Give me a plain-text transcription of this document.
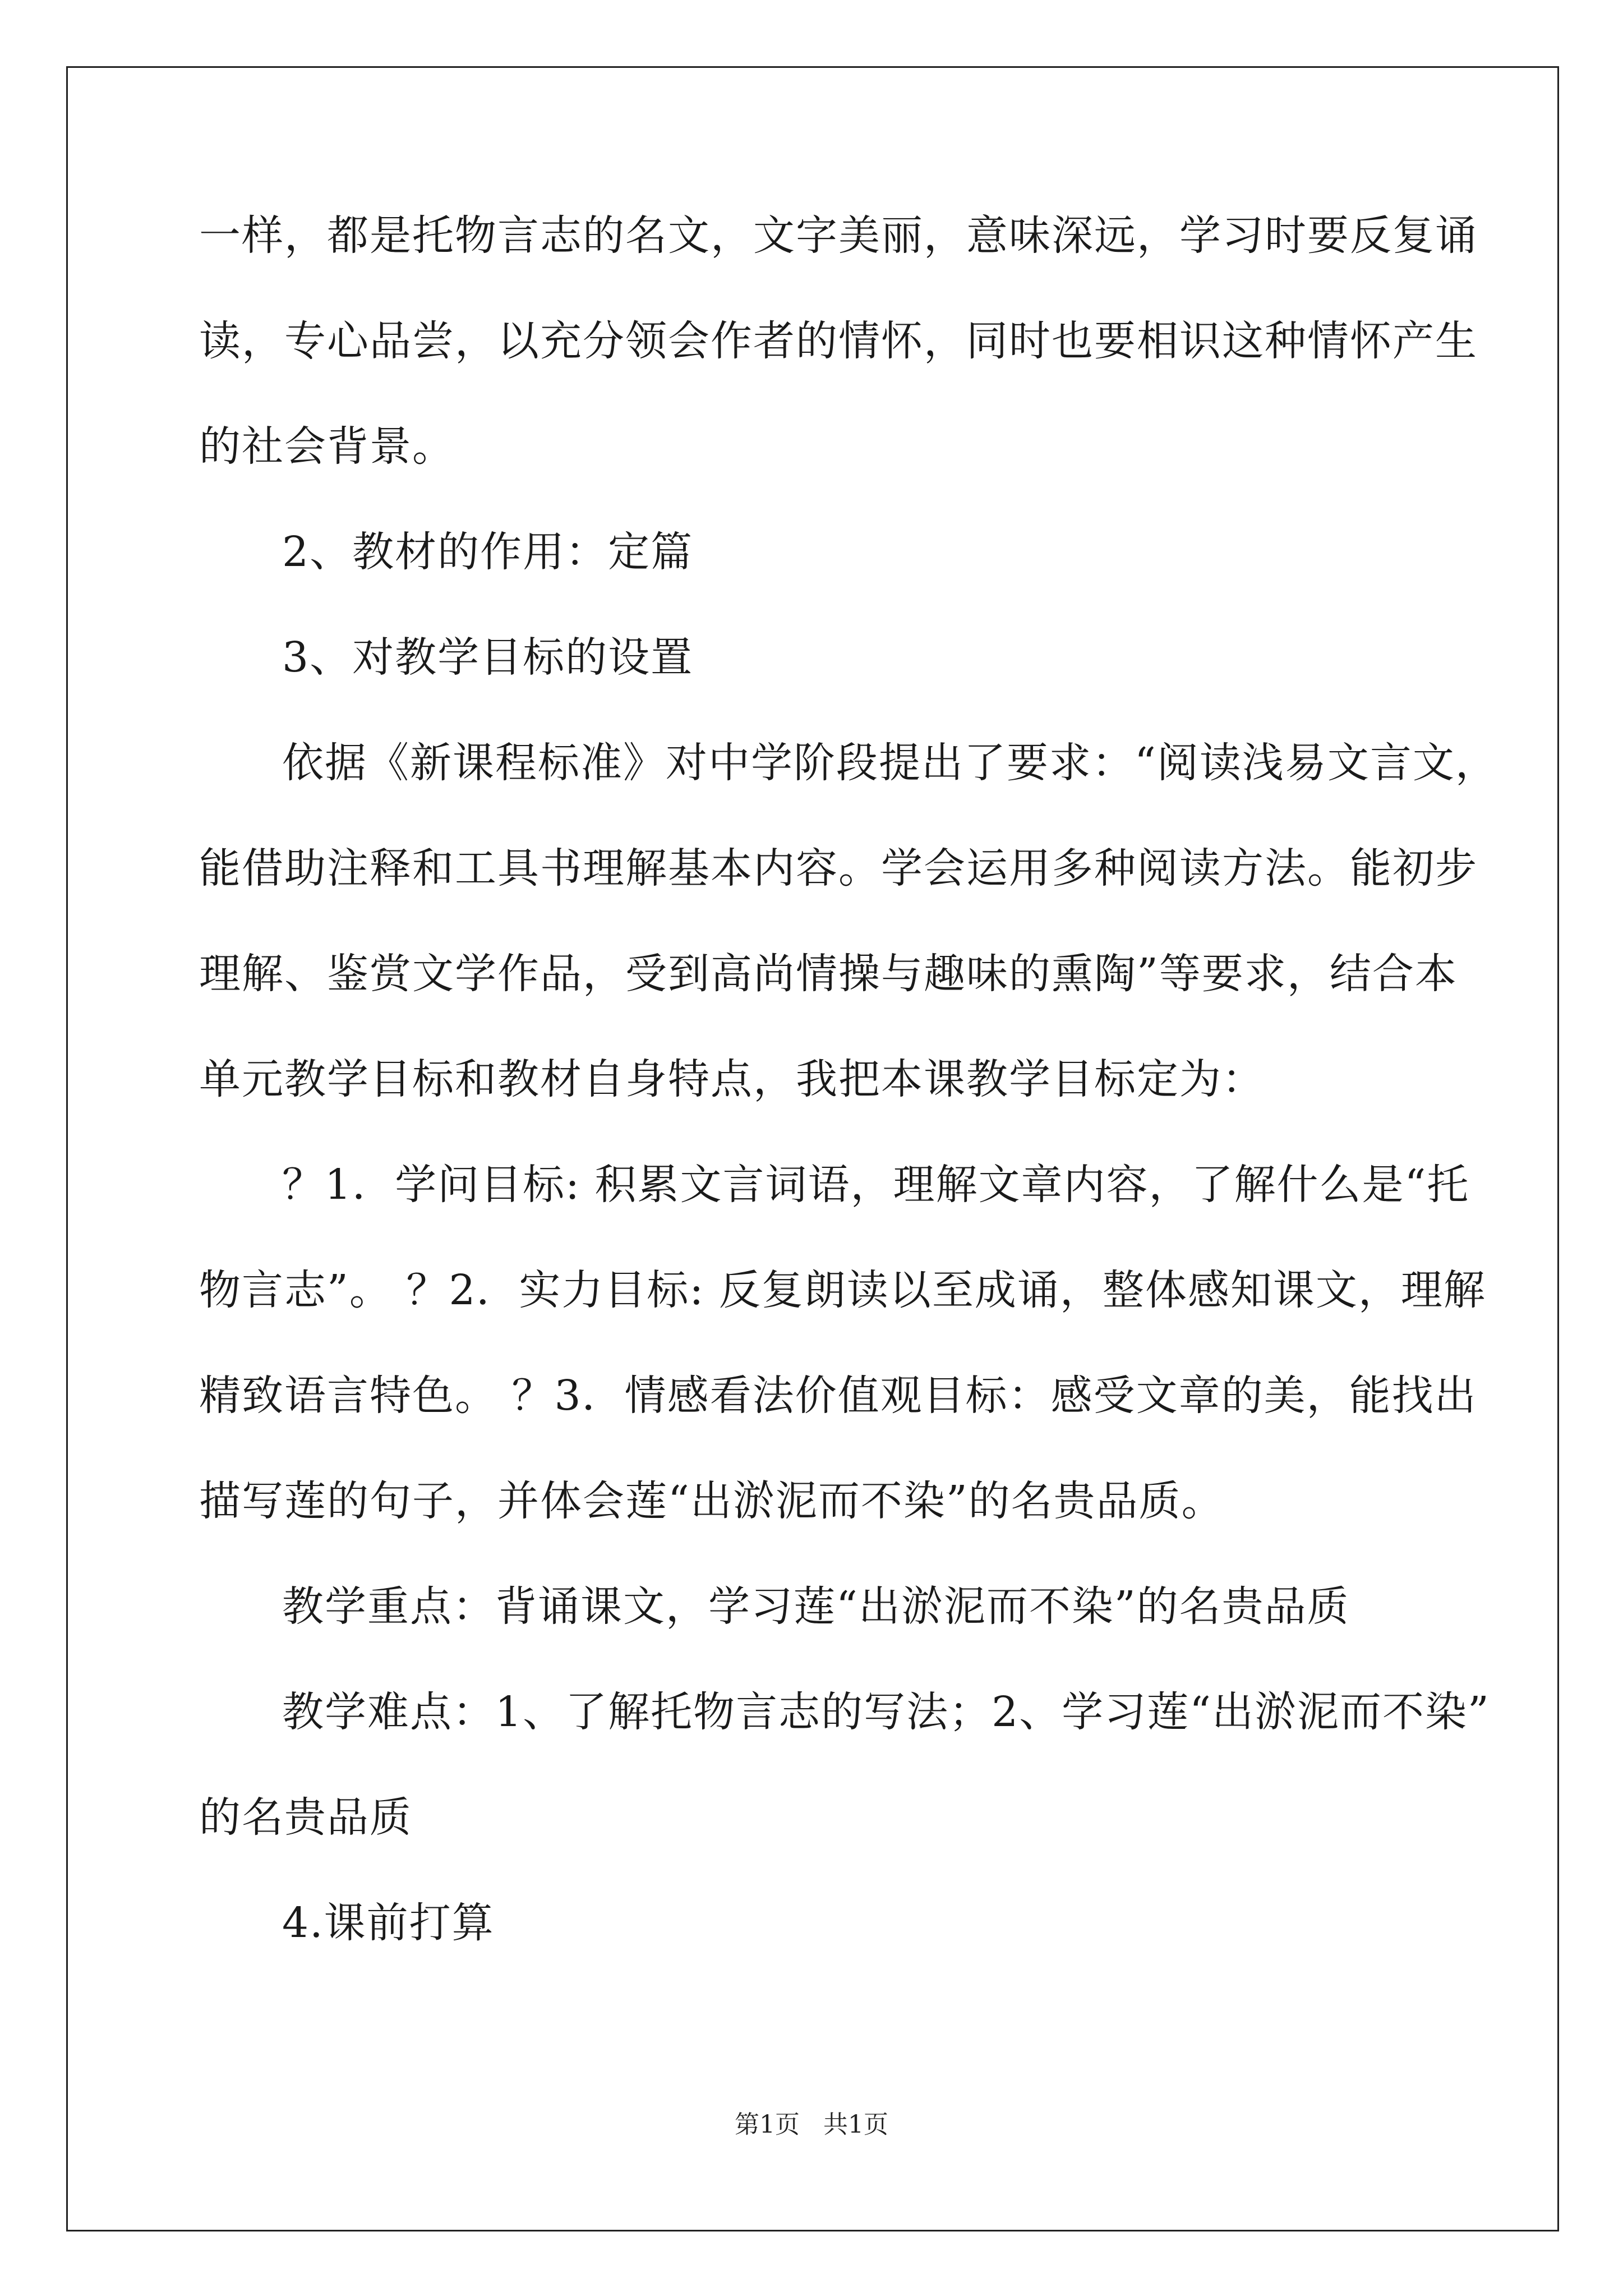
一样，都是托物言志的名文，文字美丽，意味深远，学习时要反复诵
读，专心品尝，以充分领会作者的情怀，同时也要相识这种情怀产生
的社会背景。
2、教材的作用：定篇
3、对教学目标的设置
依据《新课程标准》对中学阶段提出了要求：“阅读浅易文言文，
能借助注释和工具书理解基本内容。学会运用多种阅读方法。能初步
理解、鉴赏文学作品，受到高尚情操与趣味的熏陶”等要求，结合本
单元教学目标和教材自身特点，我把本课教学目标定为：
？1．学问目标: 积累文言词语，理解文章内容，了解什么是“托
物言志”。 ？2．实力目标: 反复朗读以至成诵，整体感知课文，理解
精致语言特色。 ？3．情感看法价值观目标：感受文章的美，能找出
描写莲的句子，并体会莲“出淤泥而不染”的名贵品质。
教学重点：背诵课文，学习莲“出淤泥而不染”的名贵品质
教学难点：1、了解托物言志的写法；2、学习莲“出淤泥而不染”
的名贵品质
4.课前打算
第1页 共1页
